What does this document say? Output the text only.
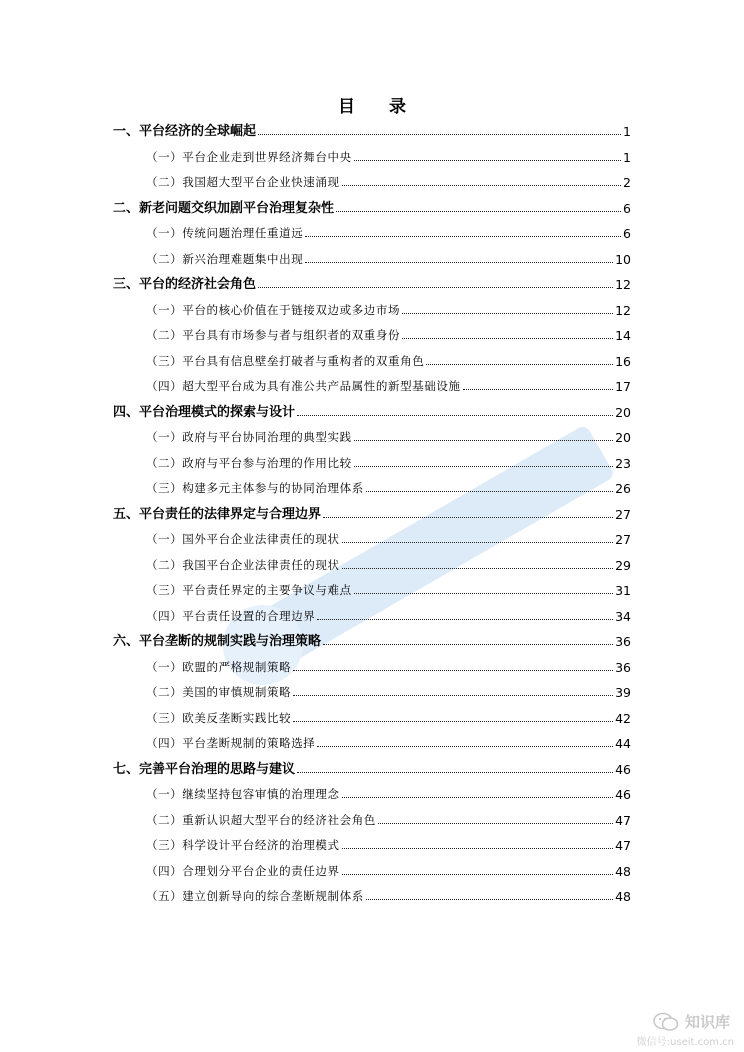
目 录
一、平台经济的全球崛起	1
（一）平台企业走到世界经济舞台中央	1
（二）我国超大型平台企业快速涌现	2
二、新老问题交织加剧平台治理复杂性	6
（一）传统问题治理任重道远	6
（二）新兴治理难题集中出现	10
三、平台的经济社会角色	12
（一）平台的核心价值在于链接双边或多边市场	12
（二）平台具有市场参与者与组织者的双重身份	14
（三）平台具有信息壁垒打破者与重构者的双重角色	16
（四）超大型平台成为具有准公共产品属性的新型基础设施	17
四、平台治理模式的探索与设计	20
（一）政府与平台协同治理的典型实践	20
（二）政府与平台参与治理的作用比较	23
（三）构建多元主体参与的协同治理体系	26
五、平台责任的法律界定与合理边界	27
（一）国外平台企业法律责任的现状	27
（二）我国平台企业法律责任的现状	29
（三）平台责任界定的主要争议与难点	31
（四）平台责任设置的合理边界	34
六、平台垄断的规制实践与治理策略	36
（一）欧盟的严格规制策略	36
（二）美国的审慎规制策略	39
（三）欧美反垄断实践比较	42
（四）平台垄断规制的策略选择	44
七、完善平台治理的思路与建议	46
（一）继续坚持包容审慎的治理理念	46
（二）重新认识超大型平台的经济社会角色	47
（三）科学设计平台经济的治理模式	47
（四）合理划分平台企业的责任边界	48
（五）建立创新导向的综合垄断规制体系	48
知识库
微信号:useit.com.cn
